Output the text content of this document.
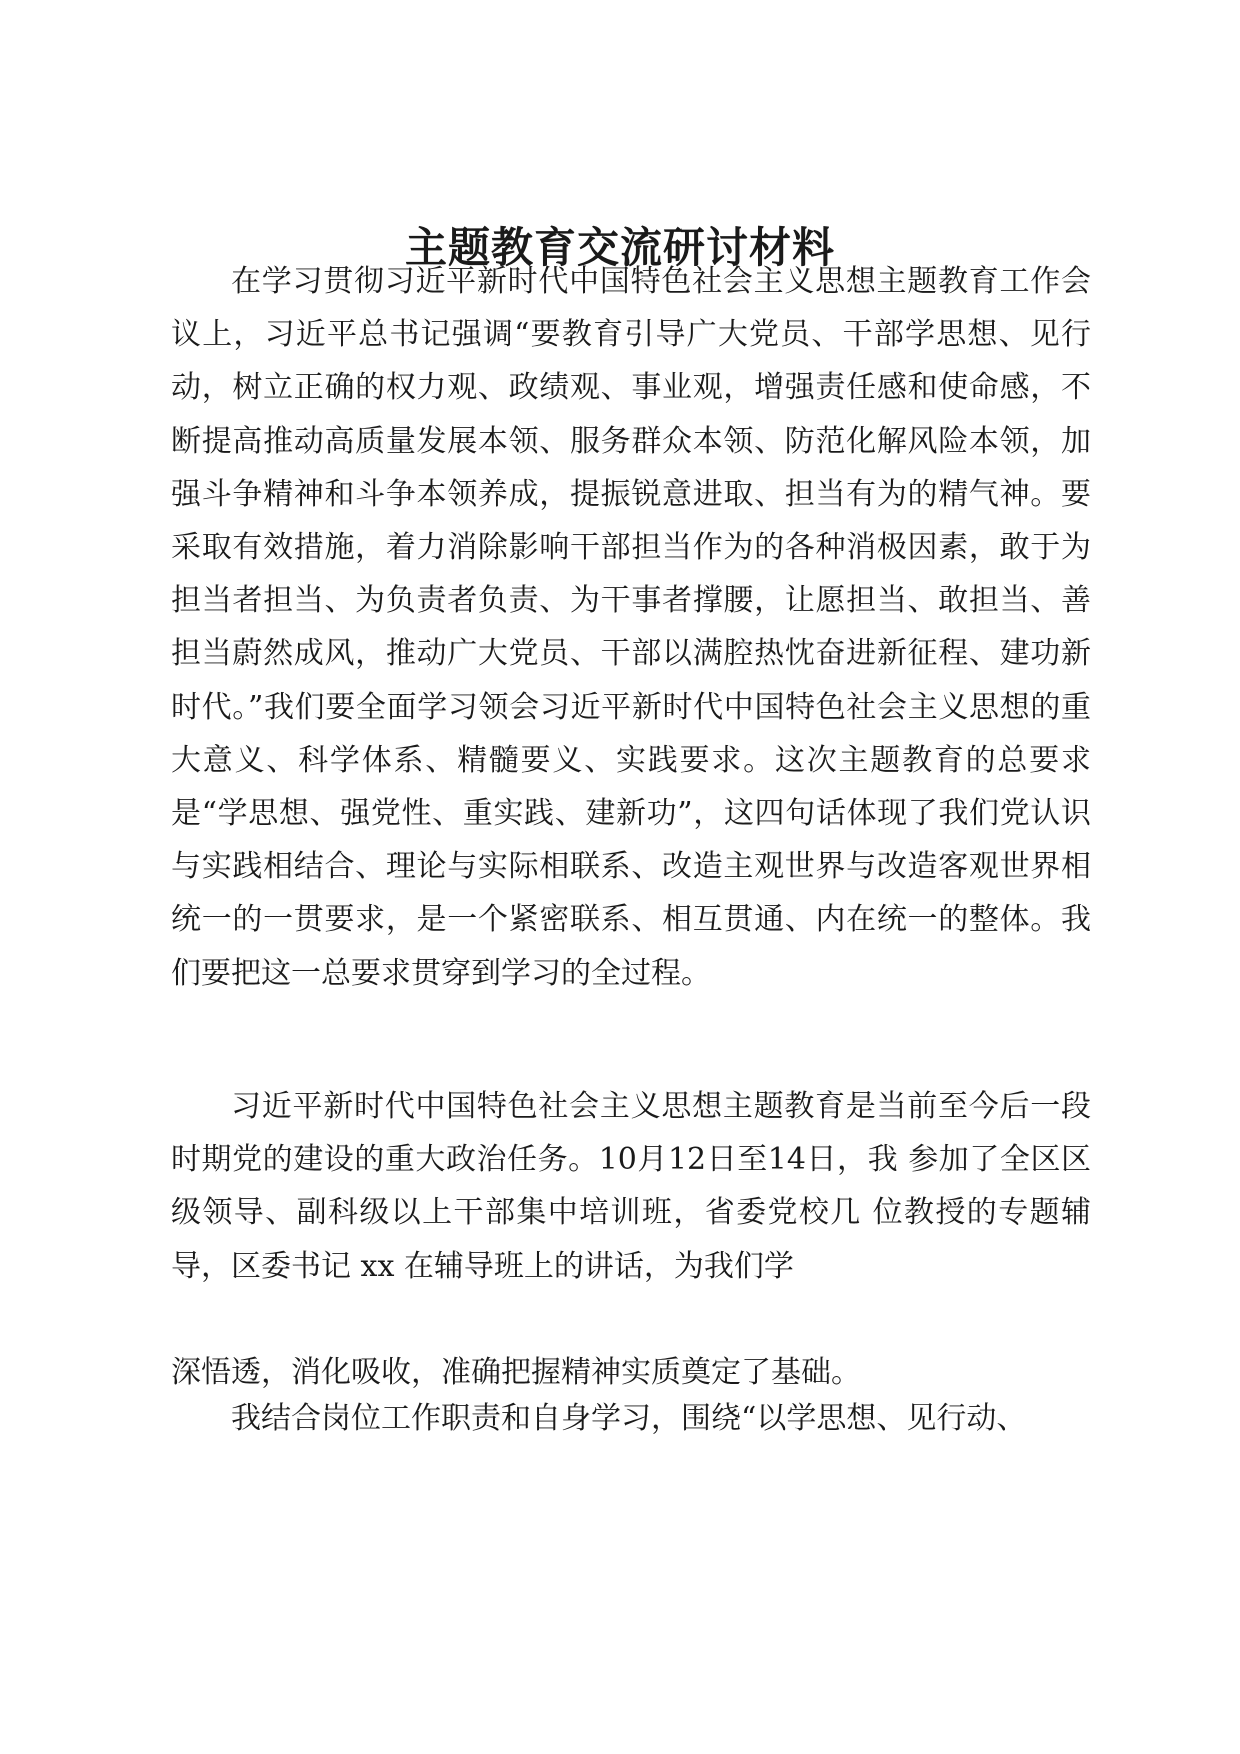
主题教育交流研讨材料

在学习贯彻习近平新时代中国特色社会主义思想主题教育工作会议上，习近平总书记强调“要教育引导广大党员、干部学思想、见行动，树立正确的权力观、政绩观、事业观，增强责任感和使命感，不断提高推动高质量发展本领、服务群众本领、防范化解风险本领，加强斗争精神和斗争本领养成，提振锐意进取、担当有为的精气神。要采取有效措施，着力消除影响干部担当作为的各种消极因素，敢于为担当者担当、为负责者负责、为干事者撑腰，让愿担当、敢担当、善担当蔚然成风，推动广大党员、干部以满腔热忱奋进新征程、建功新时代。”我们要全面学习领会习近平新时代中国特色社会主义思想的重大意义、科学体系、精髓要义、实践要求。这次主题教育的总要求是“学思想、强党性、重实践、建新功”，这四句话体现了我们党认识与实践相结合、理论与实际相联系、改造主观世界与改造客观世界相统一的一贯要求，是一个紧密联系、相互贯通、内在统一的整体。我们要把这一总要求贯穿到学习的全过程。

习近平新时代中国特色社会主义思想主题教育是当前至今后一段时期党的建设的重大政治任务。10月12日至14日，我 参加了全区区级领导、副科级以上干部集中培训班，省委党校几 位教授的专题辅导，区委书记 xx 在辅导班上的讲话，为我们学

深悟透，消化吸收，准确把握精神实质奠定了基础。

我结合岗位工作职责和自身学习，围绕“以学思想、见行动、
